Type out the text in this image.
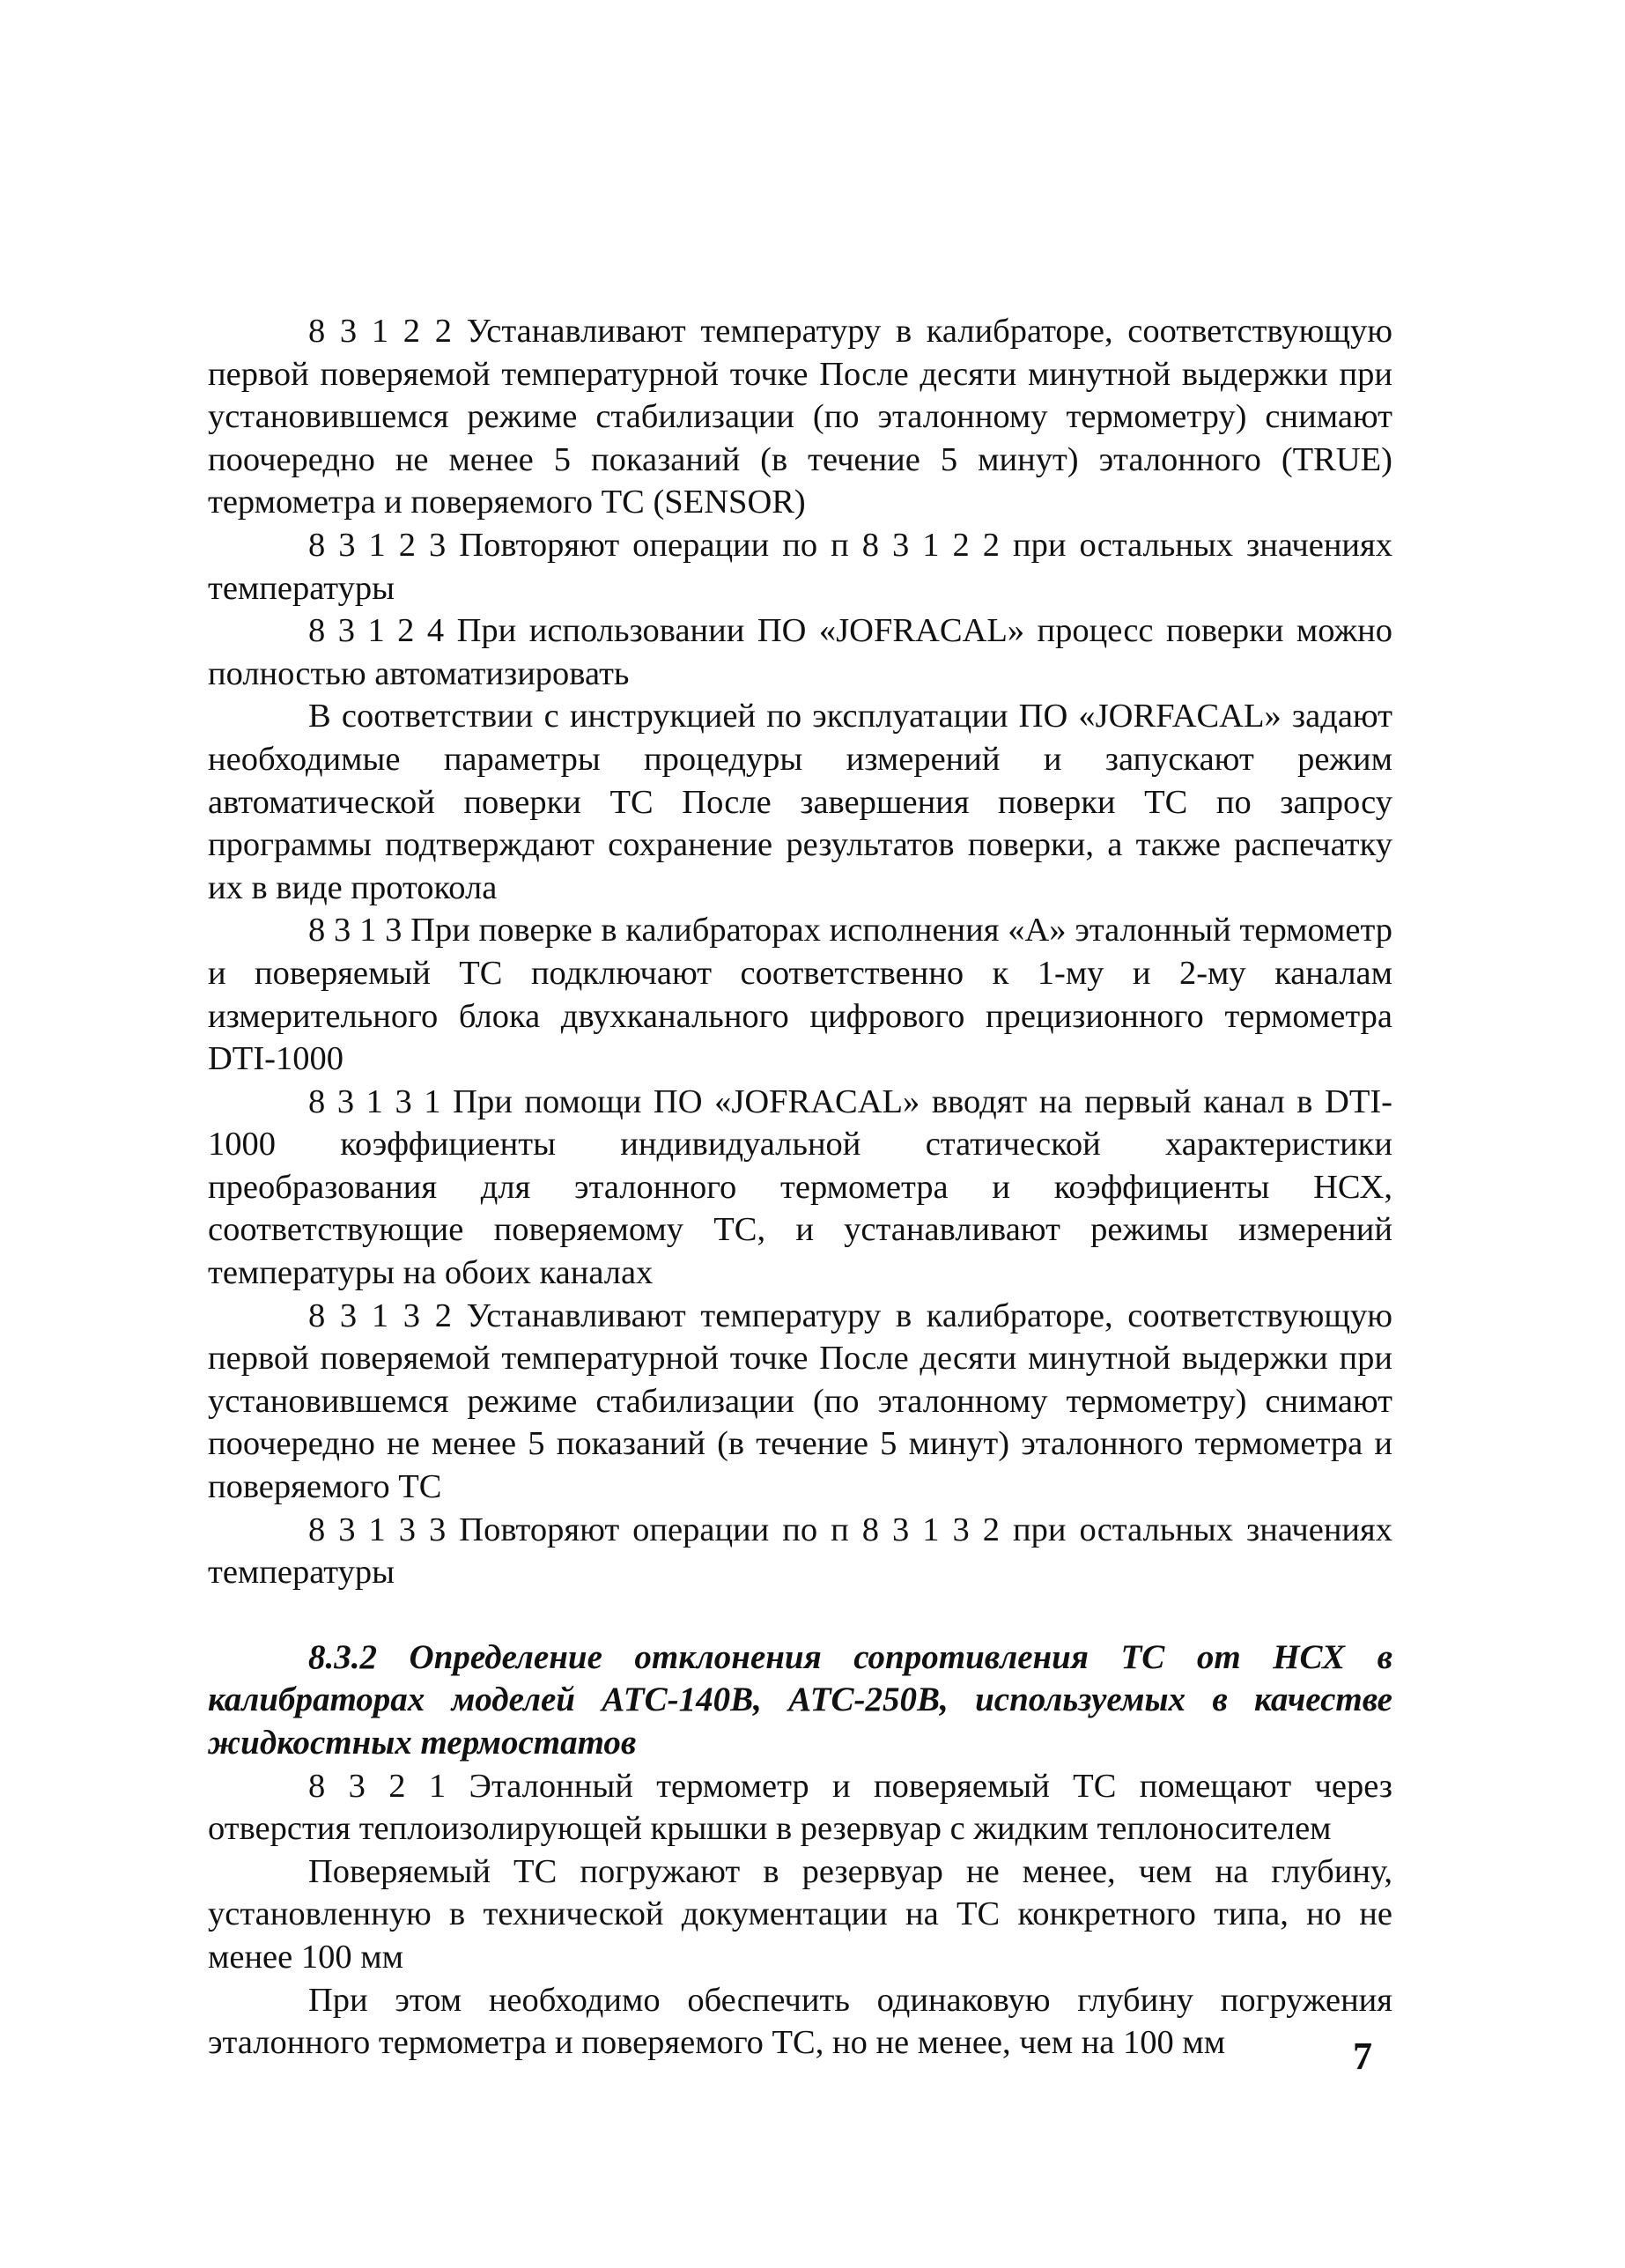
8 3 1 2 2 Устанавливают температуру в калибраторе, соответствующую первой поверяемой температурной точке После десяти минутной выдержки при установившемся режиме стабилизации (по эталонному термометру) снимают поочередно не менее 5 показаний (в течение 5 минут) эталонного (TRUE) термометра и поверяемого ТС (SENSOR)

8 3 1 2 3 Повторяют операции по п 8 3 1 2 2 при остальных значениях температуры

8 3 1 2 4 При использовании ПО «JOFRACAL» процесс поверки можно полностью автоматизировать

В соответствии с инструкцией по эксплуатации ПО «JORFACAL» задают необходимые параметры процедуры измерений и запускают режим автоматической поверки ТС После завершения поверки ТС по запросу программы подтверждают сохранение результатов поверки, а также распечатку их в виде протокола

8 3 1 3 При поверке в калибраторах исполнения «А» эталонный термометр и поверяемый ТС подключают соответственно к 1-му и 2-му каналам измерительного блока двухканального цифрового прецизионного термометра DTI-1000

8 3 1 3 1 При помощи ПО «JOFRACAL» вводят на первый канал в DTI-1000 коэффициенты индивидуальной статической характеристики преобразования для эталонного термометра и коэффициенты НСХ, соответствующие поверяемому ТС, и устанавливают режимы измерений температуры на обоих каналах

8 3 1 3 2 Устанавливают температуру в калибраторе, соответствующую первой поверяемой температурной точке После десяти минутной выдержки при установившемся режиме стабилизации (по эталонному термометру) снимают поочередно не менее 5 показаний (в течение 5 минут) эталонного термометра и поверяемого ТС

8 3 1 3 3 Повторяют операции по п 8 3 1 3 2 при остальных значениях температуры

8.3.2 Определение отклонения сопротивления ТС от НСХ в калибраторах моделей АТС-140В, АТС-250В, используемых в качестве жидкостных термостатов

8 3 2 1 Эталонный термометр и поверяемый ТС помещают через отверстия теплоизолирующей крышки в резервуар с жидким теплоносителем

Поверяемый ТС погружают в резервуар не менее, чем на глубину, установленную в технической документации на ТС конкретного типа, но не менее 100 мм

При этом необходимо обеспечить одинаковую глубину погружения эталонного термометра и поверяемого ТС, но не менее, чем на 100 мм	7
